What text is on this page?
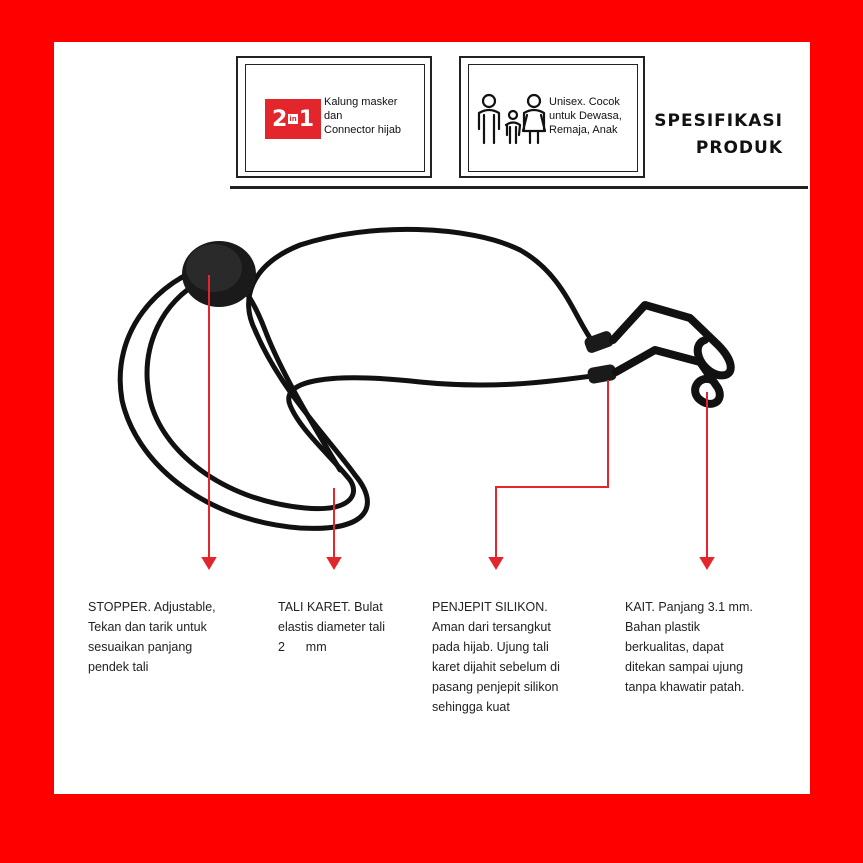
2 in 1
Kalung masker
dan
Connector hijab
Unisex. Cocok
untuk Dewasa,
Remaja, Anak SPESIFIKASI
PRODUK
STOPPER. Adjustable,
Tekan dan tarik untuk
sesuaikan panjang
pendek tali
TALI KARET. Bulat
elastis diameter tali
2      mm
PENJEPIT SILIKON.
Aman dari tersangkut
pada hijab. Ujung tali
karet dijahit sebelum di
pasang penjepit silikon
sehingga kuat
KAIT. Panjang 3.1 mm.
Bahan plastik
berkualitas, dapat
ditekan sampai ujung
tanpa khawatir patah.
